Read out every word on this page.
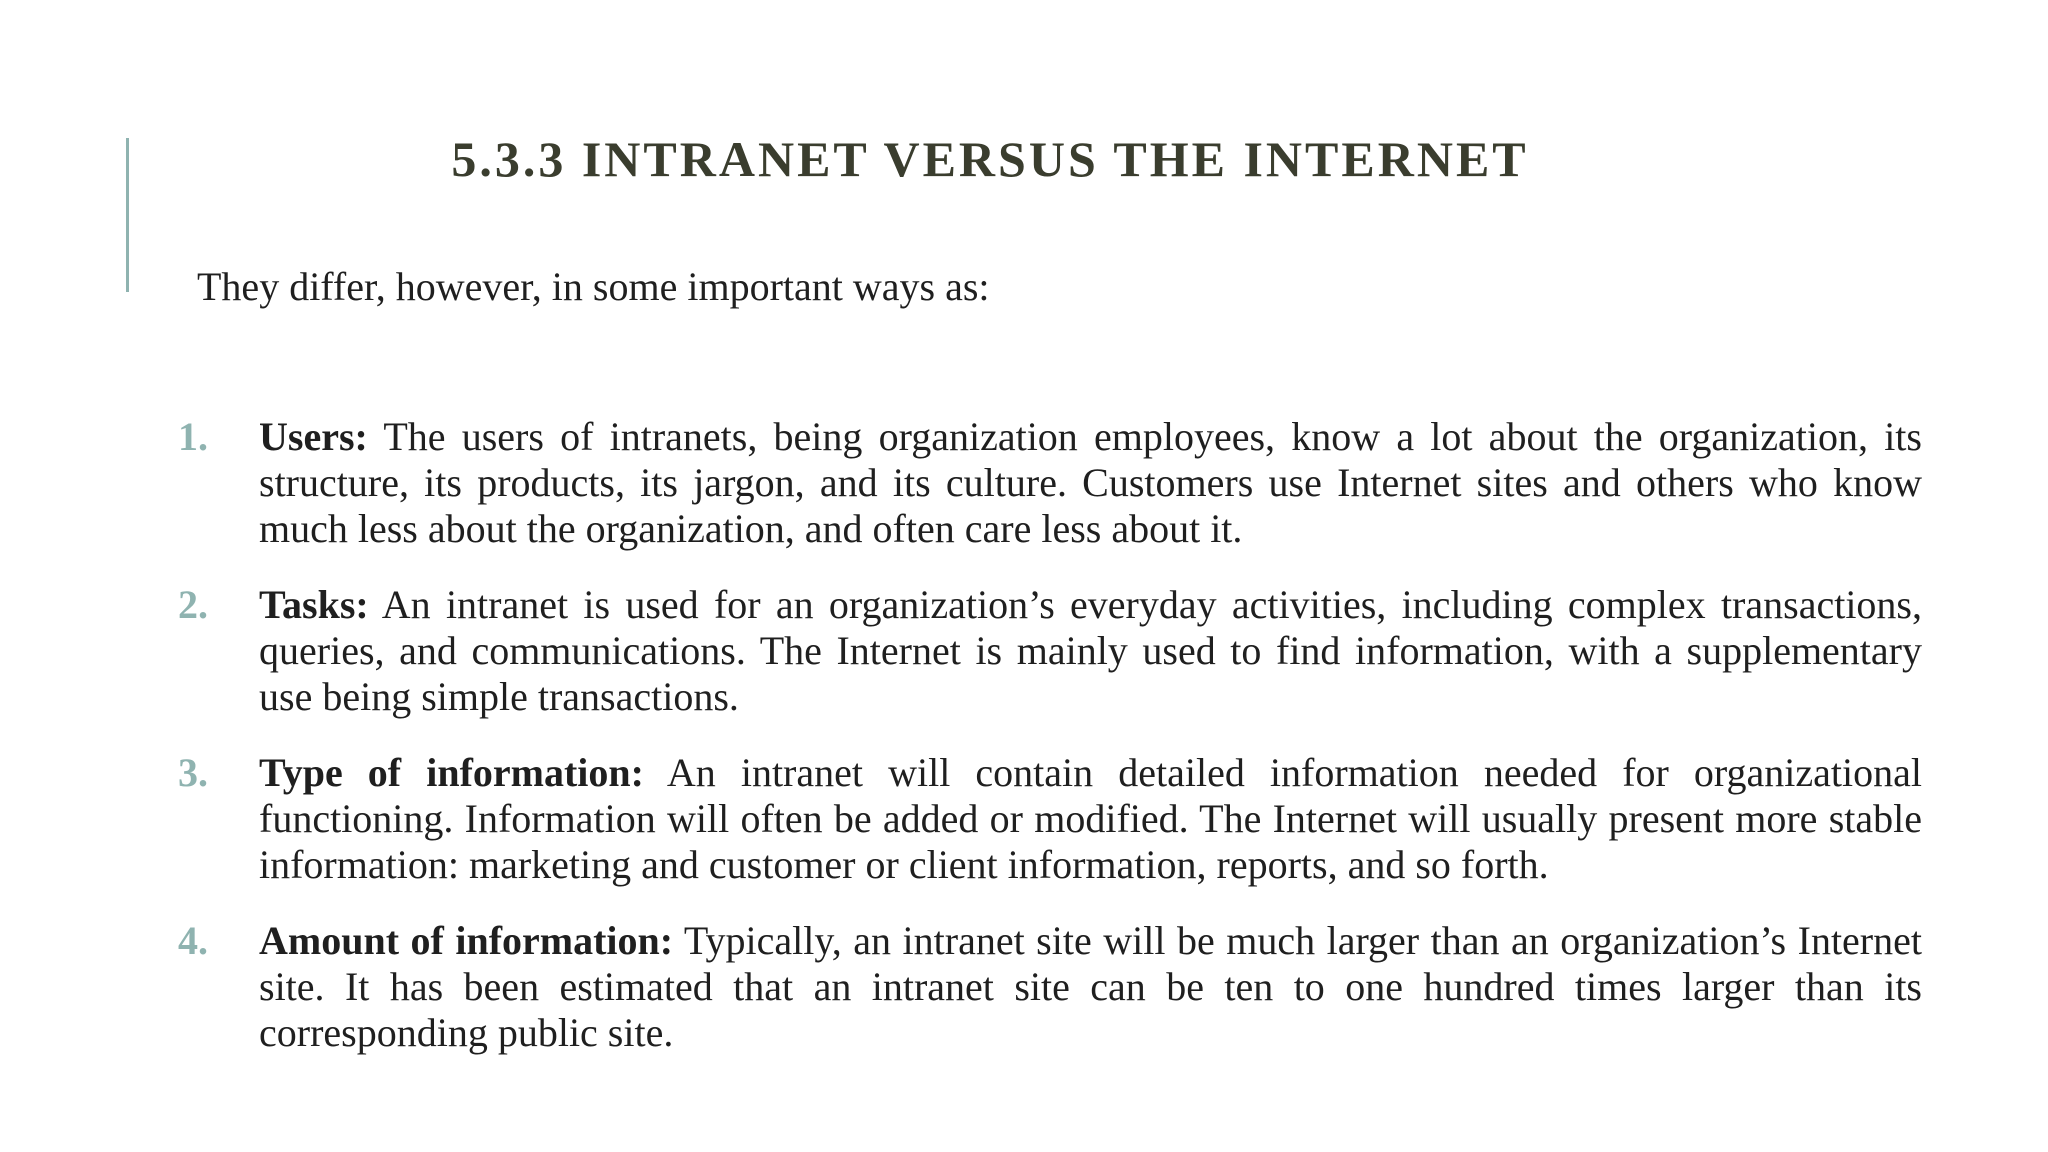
5.3.3 INTRANET VERSUS THE INTERNET

They differ, however, in some important ways as:

1. Users: The users of intranets, being organization employees, know a lot about the organization, its structure, its products, its jargon, and its culture. Customers use Internet sites and others who know much less about the organization, and often care less about it.

2. Tasks: An intranet is used for an organization’s everyday activities, including complex transactions, queries, and communications. The Internet is mainly used to find information, with a supplementary use being simple transactions.

3. Type of information: An intranet will contain detailed information needed for organizational functioning. Information will often be added or modified. The Internet will usually present more stable information: marketing and customer or client information, reports, and so forth.

4. Amount of information: Typically, an intranet site will be much larger than an organization’s Internet site. It has been estimated that an intranet site can be ten to one hundred times larger than its corresponding public site.
